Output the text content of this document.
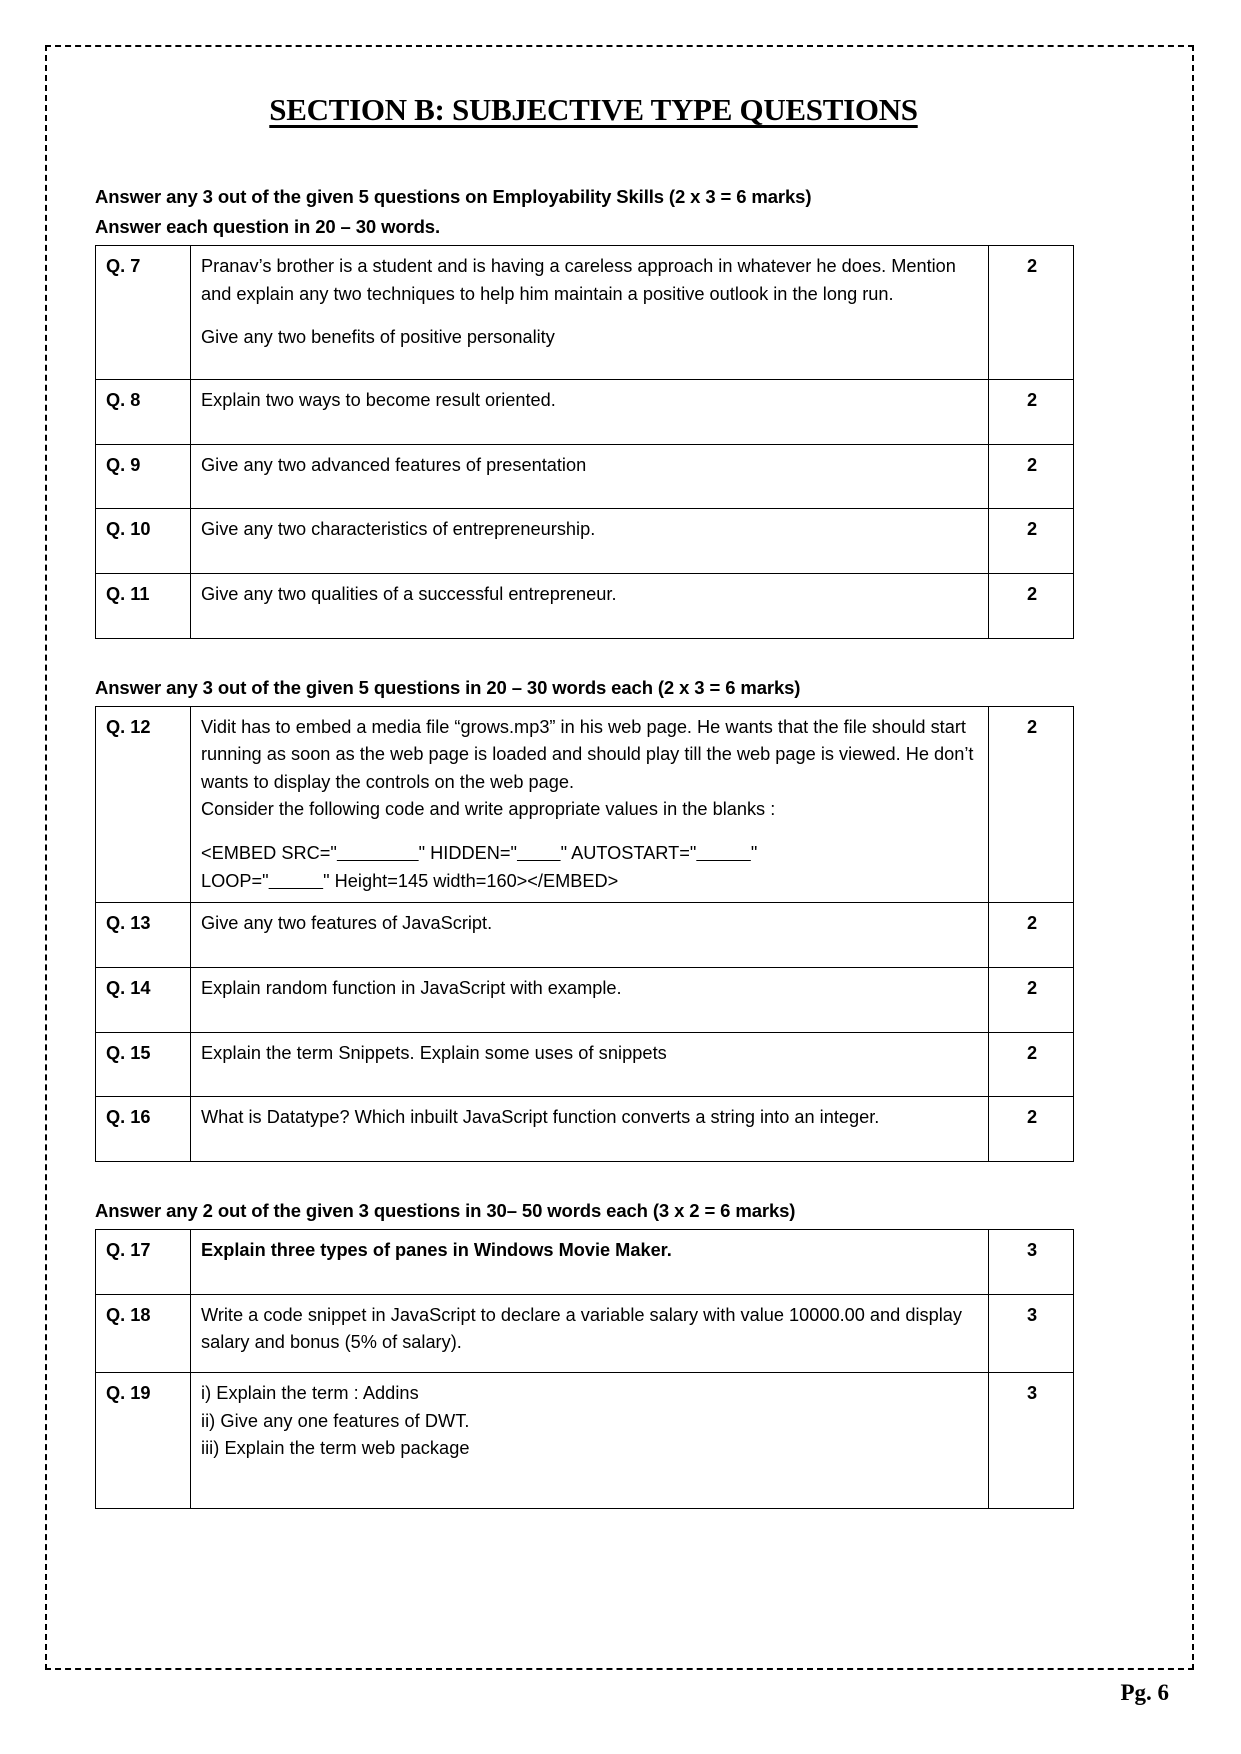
SECTION B: SUBJECTIVE TYPE QUESTIONS
Answer any 3 out of the given 5 questions on Employability Skills (2 x 3 = 6 marks)
Answer each question in 20 – 30 words.
Q. 7	Pranav’s brother is a student and is having a careless approach in whatever he does. Mention and explain any two techniques to help him maintain a positive outlook in the long run.
Give any two benefits of positive personality	2
Q. 8	Explain two ways to become result oriented.	2
Q. 9	Give any two advanced features of presentation	2
Q. 10	Give any two characteristics of entrepreneurship.	2
Q. 11	Give any two qualities of a successful entrepreneur.	2
Answer any 3 out of the given 5 questions in 20 – 30 words each (2 x 3 = 6 marks)
Q. 12	Vidit has to embed a media file “grows.mp3” in his web page. He wants that the file should start running as soon as the web page is loaded and should play till the web page is viewed. He don’t wants to display the controls on the web page.
Consider the following code and write appropriate values in the blanks :
<EMBED SRC=" " HIDDEN=" " AUTOSTART=" "
LOOP=" " Height=145 width=160></EMBED>	2
Q. 13	Give any two features of JavaScript.	2
Q. 14	Explain random function in JavaScript with example.	2
Q. 15	Explain the term Snippets. Explain some uses of snippets	2
Q. 16	What is Datatype? Which inbuilt JavaScript function converts a string into an integer.	2
Answer any 2 out of the given 3 questions in 30– 50 words each (3 x 2 = 6 marks)
Q. 17	Explain three types of panes in Windows Movie Maker.	3
Q. 18	Write a code snippet in JavaScript to declare a variable salary with value 10000.00 and display salary and bonus (5% of salary).	3
Q. 19	i) Explain the term : Addins
ii) Give any one features of DWT.
iii) Explain the term web package	3
Pg. 6
